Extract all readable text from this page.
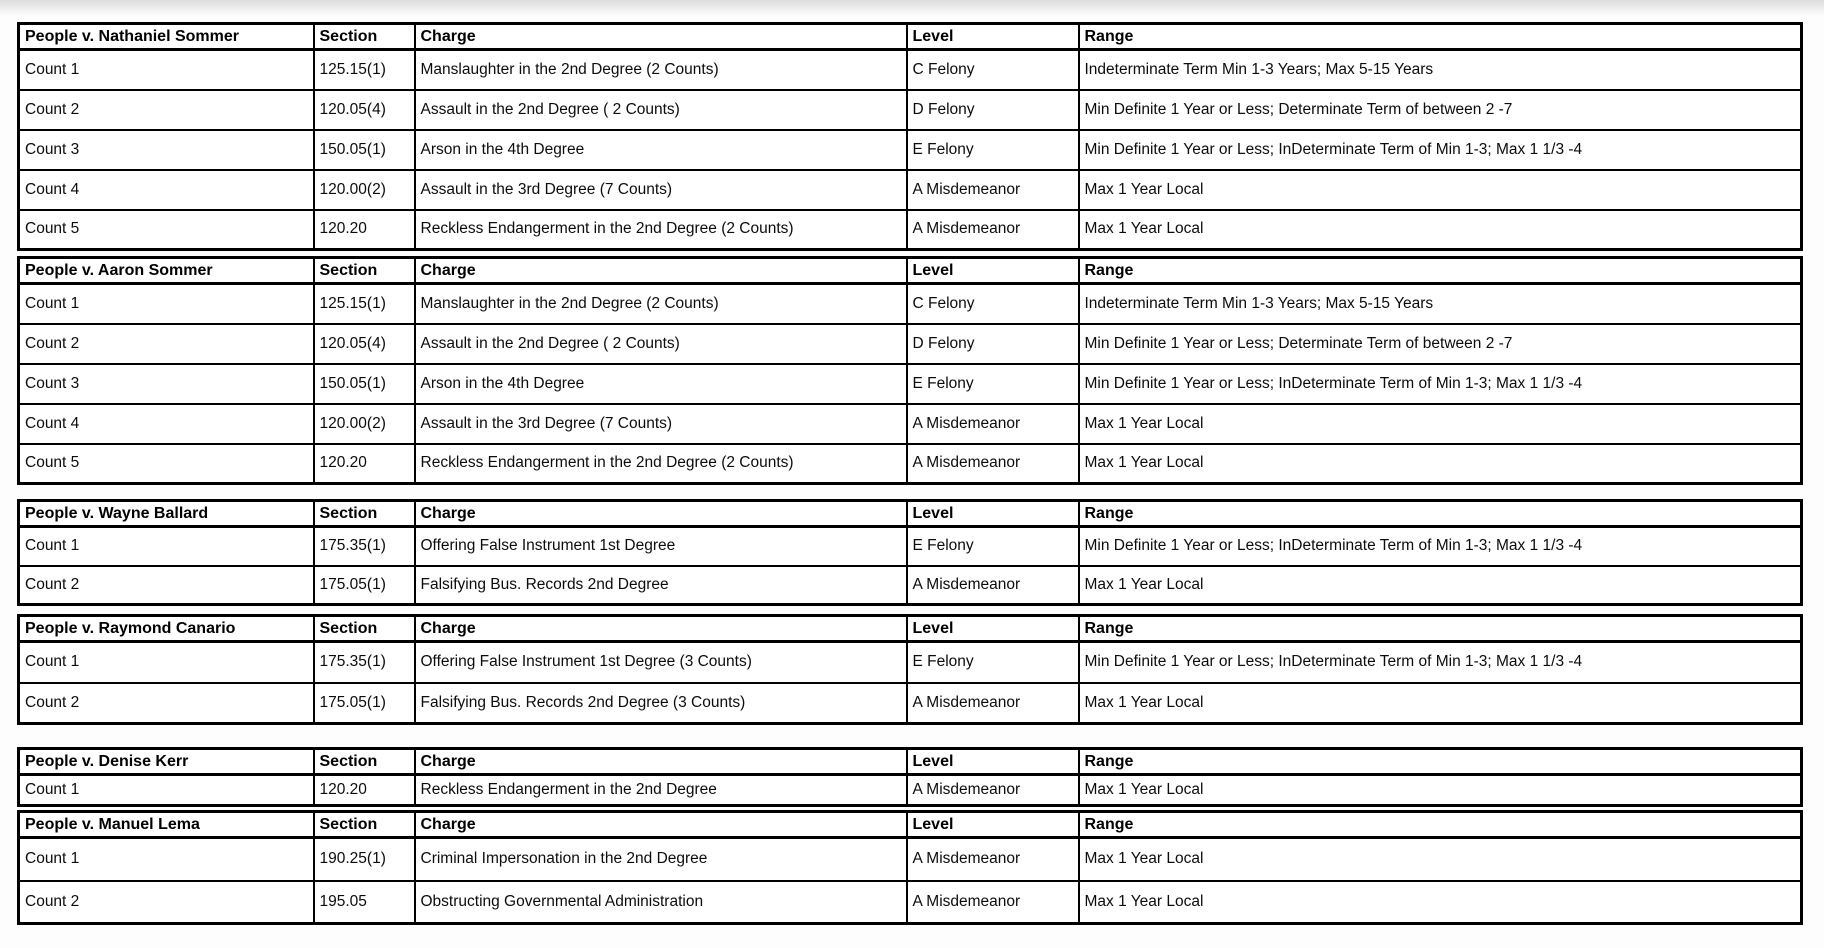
People v. Nathaniel Sommer	Section	Charge	Level	Range
Count 1	125.15(1)	Manslaughter in the 2nd Degree (2 Counts)	C Felony	Indeterminate Term Min 1-3 Years; Max 5-15 Years
Count 2	120.05(4)	Assault in the 2nd Degree ( 2 Counts)	D Felony	Min Definite 1 Year or Less; Determinate Term of between 2 -7
Count 3	150.05(1)	Arson in the 4th Degree	E Felony	Min Definite 1 Year or Less; InDeterminate Term of Min 1-3; Max 1 1/3 -4
Count 4	120.00(2)	Assault in the 3rd Degree (7 Counts)	A Misdemeanor	Max 1 Year Local
Count 5	120.20	Reckless Endangerment in the 2nd Degree (2 Counts)	A Misdemeanor	Max 1 Year Local
People v. Aaron Sommer	Section	Charge	Level	Range
Count 1	125.15(1)	Manslaughter in the 2nd Degree (2 Counts)	C Felony	Indeterminate Term Min 1-3 Years; Max 5-15 Years
Count 2	120.05(4)	Assault in the 2nd Degree ( 2 Counts)	D Felony	Min Definite 1 Year or Less; Determinate Term of between 2 -7
Count 3	150.05(1)	Arson in the 4th Degree	E Felony	Min Definite 1 Year or Less; InDeterminate Term of Min 1-3; Max 1 1/3 -4
Count 4	120.00(2)	Assault in the 3rd Degree (7 Counts)	A Misdemeanor	Max 1 Year Local
Count 5	120.20	Reckless Endangerment in the 2nd Degree (2 Counts)	A Misdemeanor	Max 1 Year Local
People v. Wayne Ballard	Section	Charge	Level	Range
Count 1	175.35(1)	Offering False Instrument 1st Degree	E Felony	Min Definite 1 Year or Less; InDeterminate Term of Min 1-3; Max 1 1/3 -4
Count 2	175.05(1)	Falsifying Bus. Records 2nd Degree	A Misdemeanor	Max 1 Year Local
People v. Raymond Canario	Section	Charge	Level	Range
Count 1	175.35(1)	Offering False Instrument 1st Degree (3 Counts)	E Felony	Min Definite 1 Year or Less; InDeterminate Term of Min 1-3; Max 1 1/3 -4
Count 2	175.05(1)	Falsifying Bus. Records 2nd Degree (3 Counts)	A Misdemeanor	Max 1 Year Local
People v. Denise Kerr	Section	Charge	Level	Range
Count 1	120.20	Reckless Endangerment in the 2nd Degree	A Misdemeanor	Max 1 Year Local
People v. Manuel Lema	Section	Charge	Level	Range
Count 1	190.25(1)	Criminal Impersonation in the 2nd Degree	A Misdemeanor	Max 1 Year Local
Count 2	195.05	Obstructing Governmental Administration	A Misdemeanor	Max 1 Year Local
